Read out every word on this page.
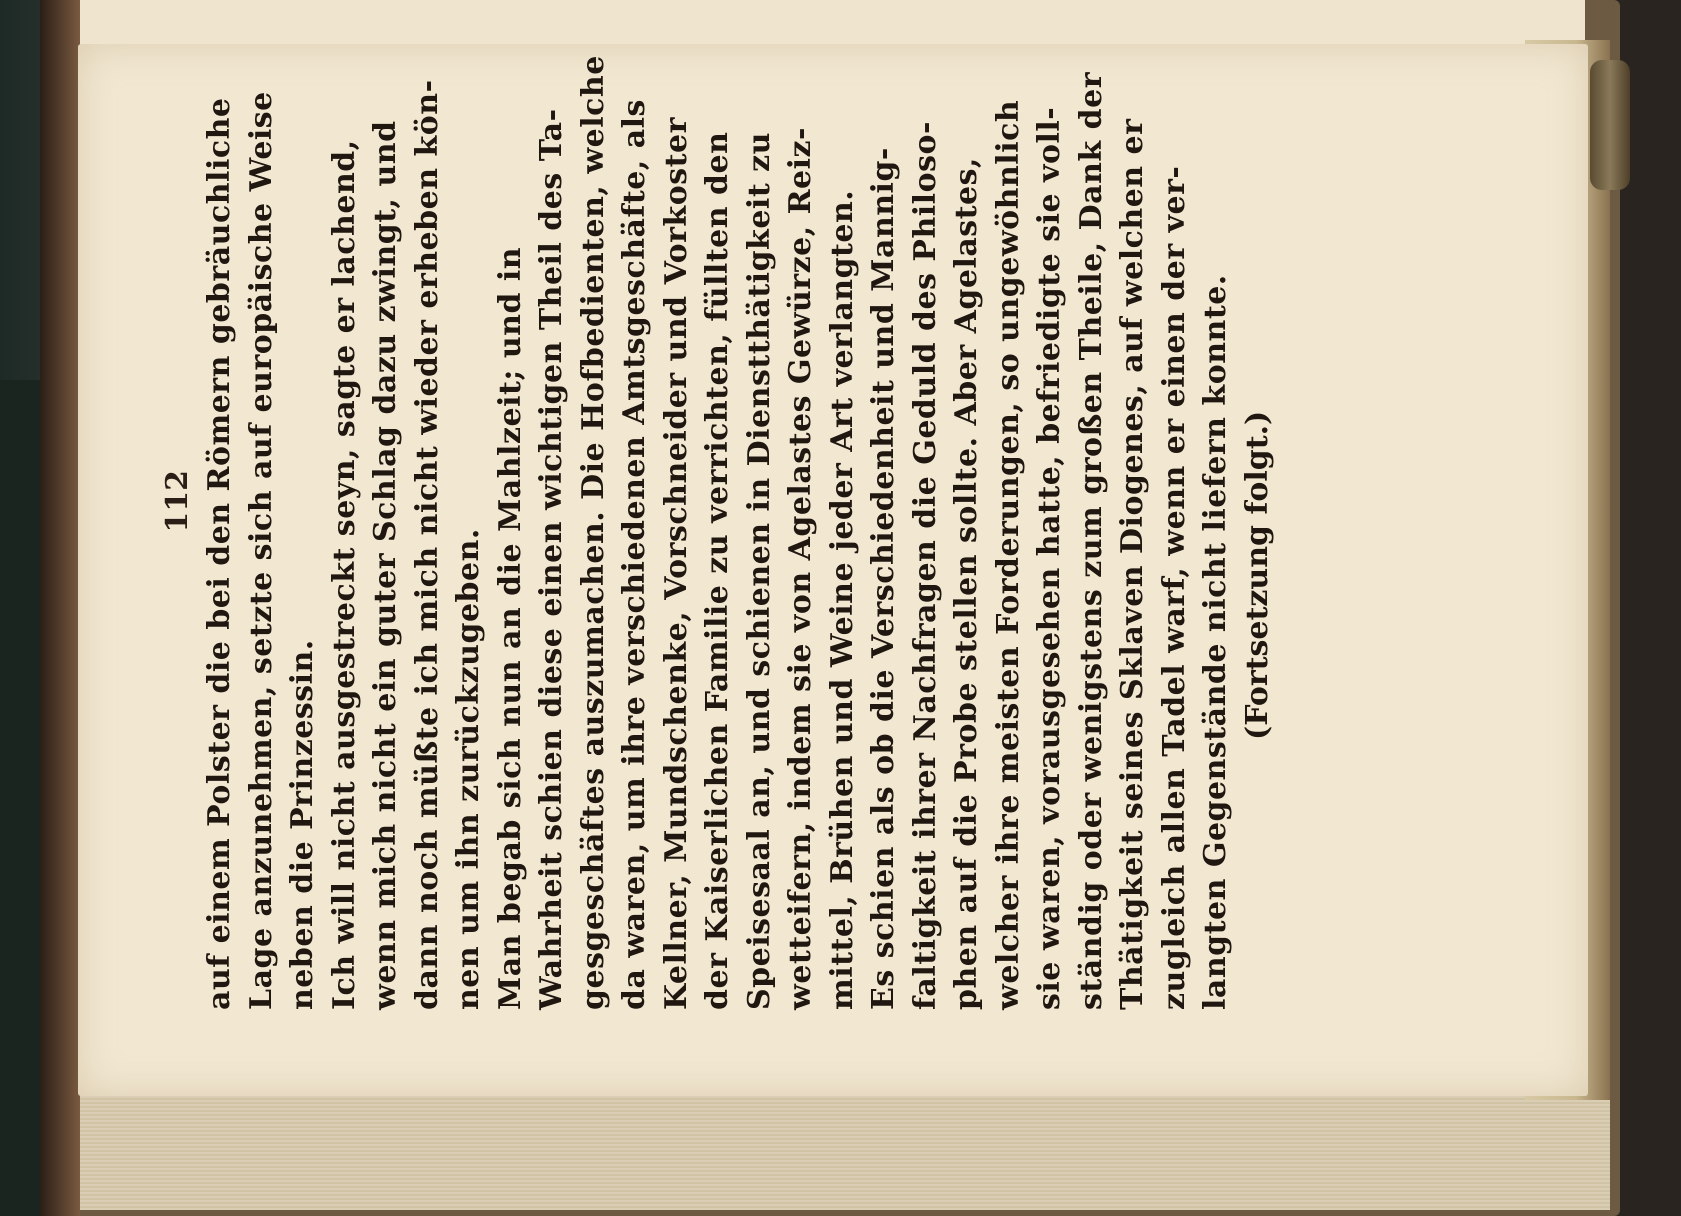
112 auf einem Polster die bei den Römern gebräuchliche Lage anzunehmen, setzte sich auf europäische Weise neben die Prinzessin. Ich will nicht ausgestreckt seyn, sagte er lachend, wenn mich nicht ein guter Schlag dazu zwingt, und dann noch müßte ich mich nicht wieder erheben kön- nen um ihn zurückzugeben. Man begab sich nun an die Mahlzeit; und in Wahrheit schien diese einen wichtigen Theil des Ta- gesgeschäftes auszumachen. Die Hofbedienten, welche da waren, um ihre verschiedenen Amtsgeschäfte, als Kellner, Mundschenke, Vorschneider und Vorkoster der Kaiserlichen Familie zu verrichten, füllten den Speisesaal an, und schienen in Dienstthätigkeit zu wetteifern, indem sie von Agelastes Gewürze, Reiz- mittel, Brühen und Weine jeder Art verlangten. Es schien als ob die Verschiedenheit und Mannig- faltigkeit ihrer Nachfragen die Geduld des Philoso- phen auf die Probe stellen sollte. Aber Agelastes, welcher ihre meisten Forderungen, so ungewöhnlich sie waren, vorausgesehen hatte, befriedigte sie voll- ständig oder wenigstens zum großen Theile, Dank der Thätigkeit seines Sklaven Diogenes, auf welchen er zugleich allen Tadel warf, wenn er einen der ver- langten Gegenstände nicht liefern konnte. (Fortsetzung folgt.)
